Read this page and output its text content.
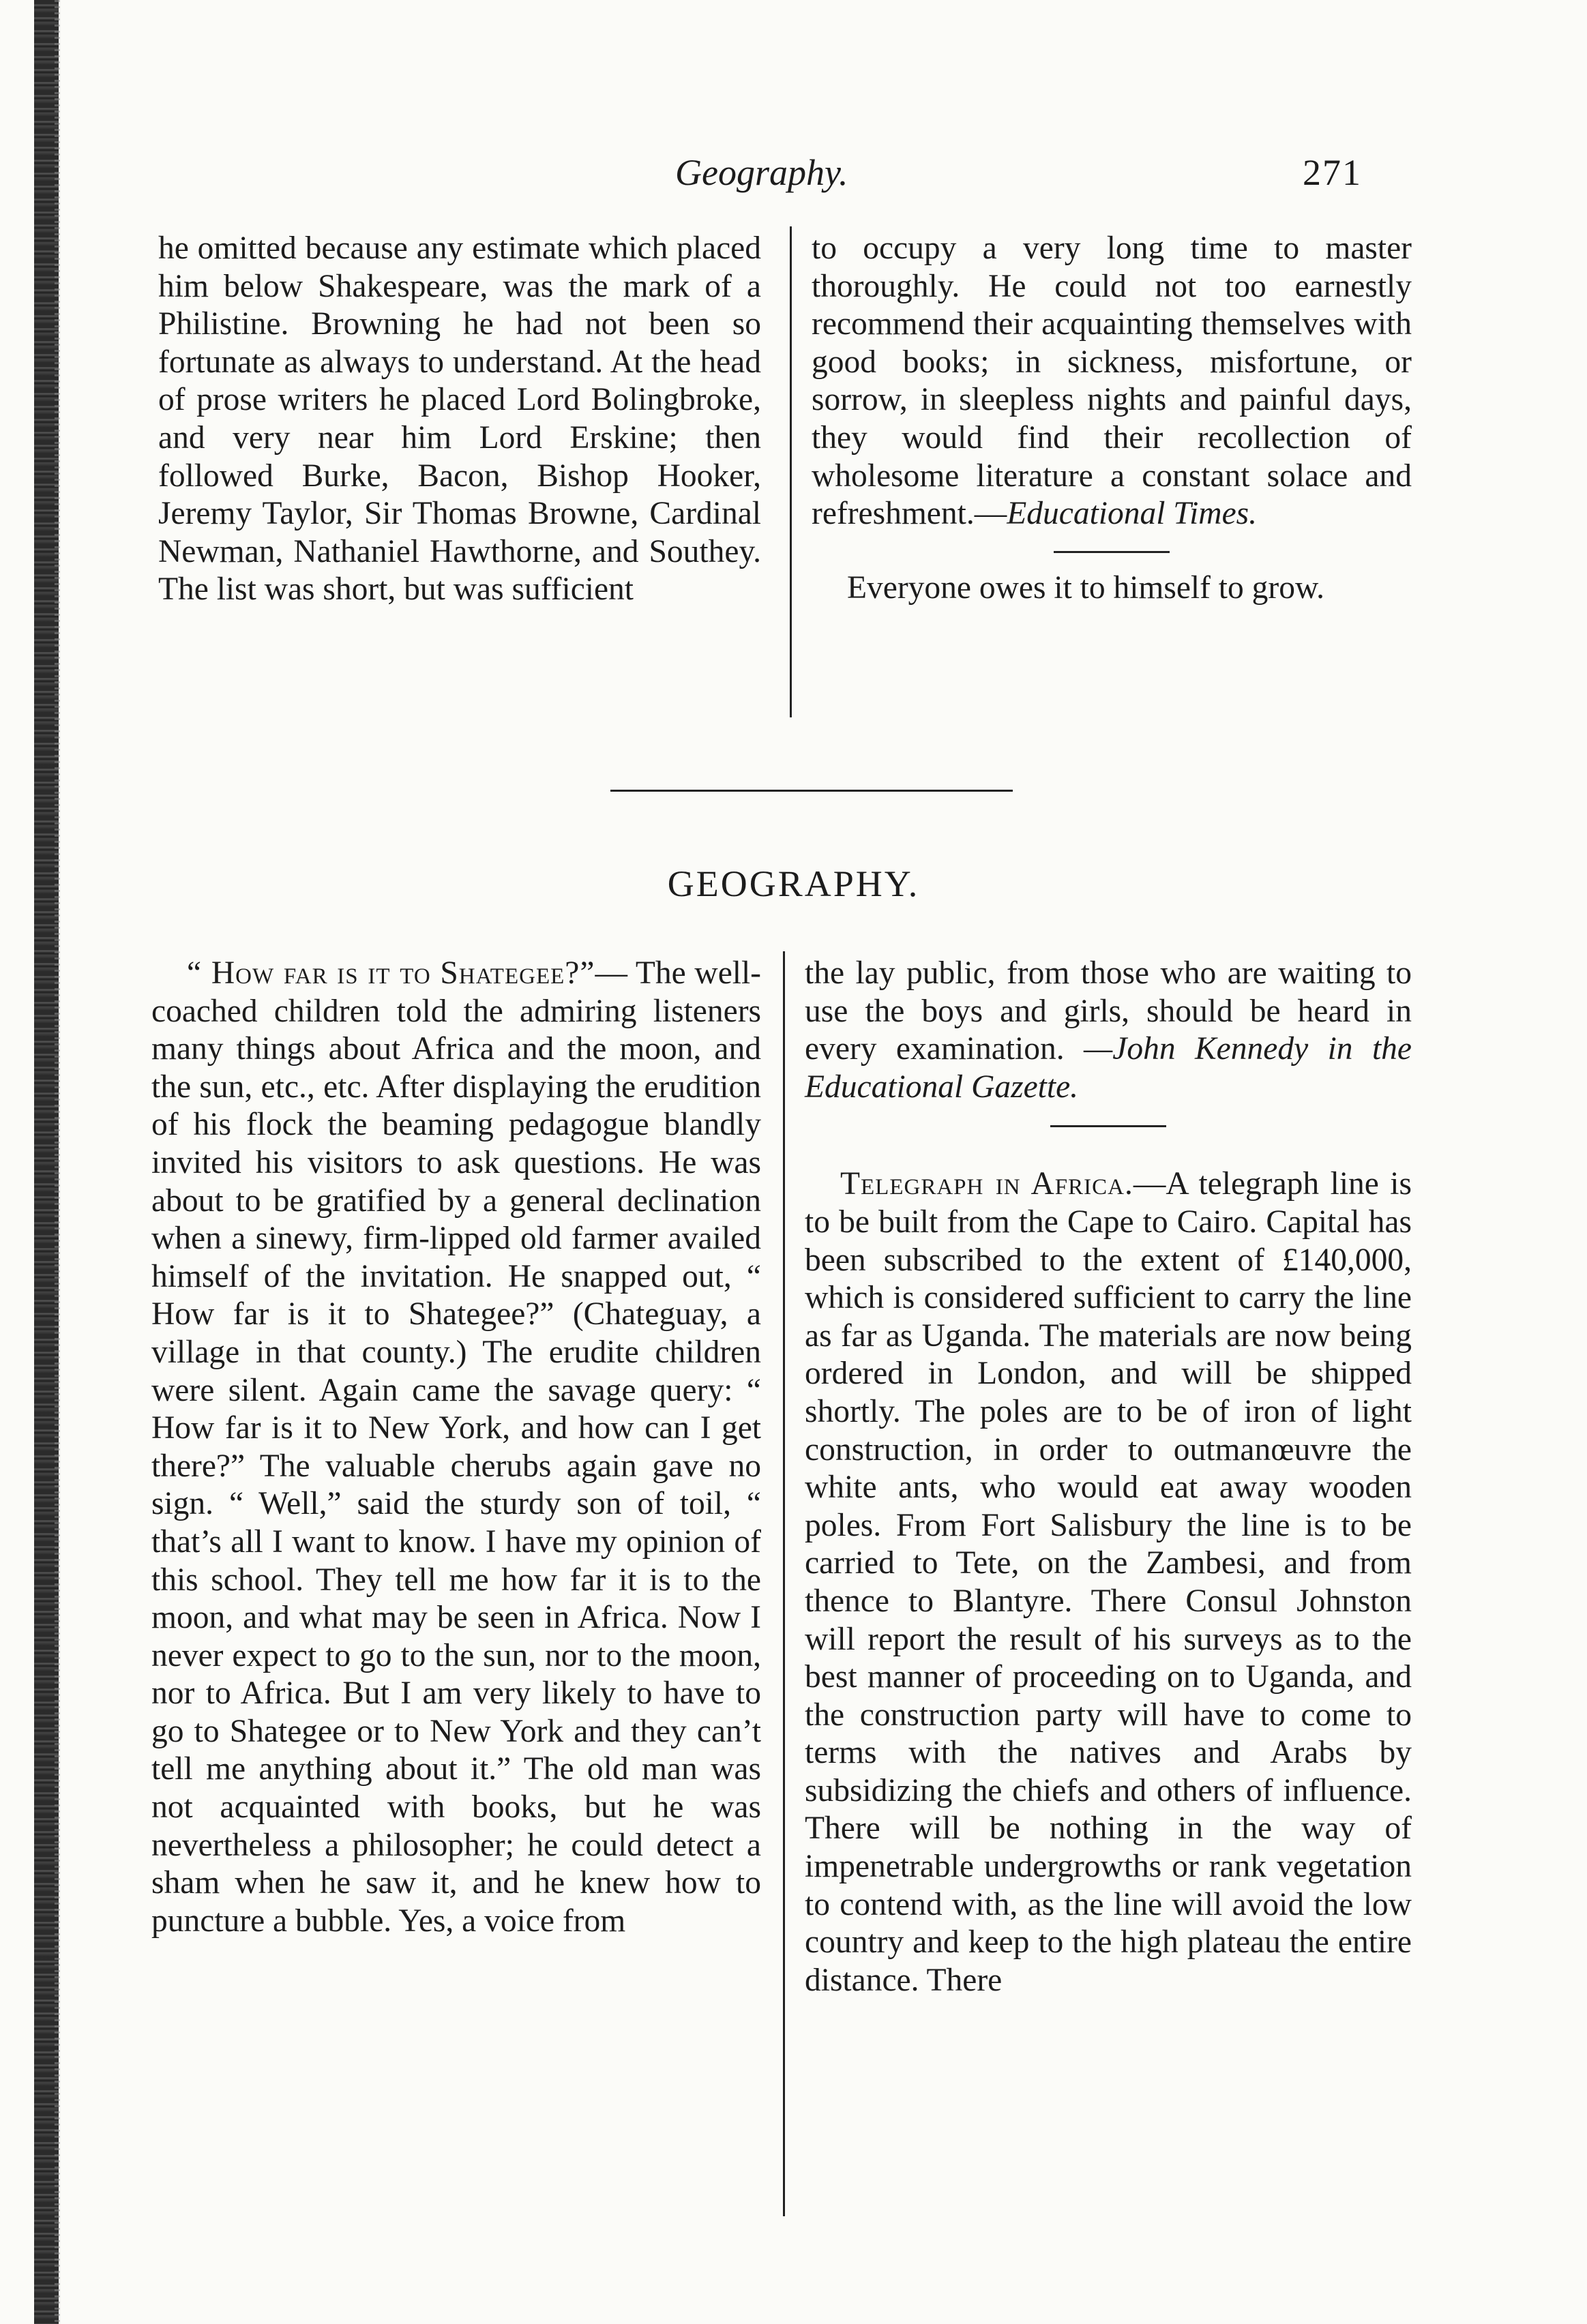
Geography.	271

he omitted because any estimate which placed him below Shakespeare, was the mark of a Philistine. Browning he had not been so fortunate as always to understand. At the head of prose writers he placed Lord Bolingbroke, and very near him Lord Erskine; then followed Burke, Bacon, Bishop Hooker, Jeremy Taylor, Sir Thomas Browne, Cardinal Newman, Nathaniel Hawthorne, and Southey. The list was short, but was sufficient

to occupy a very long time to master thoroughly. He could not too earnestly recommend their acquainting themselves with good books; in sickness, misfortune, or sorrow, in sleepless nights and painful days, they would find their recollection of wholesome literature a constant solace and refreshment.—Educational Times.

Everyone owes it to himself to grow.

GEOGRAPHY.

“ How far is it to Shategee?”— The well-coached children told the admiring listeners many things about Africa and the moon, and the sun, etc., etc. After displaying the erudition of his flock the beaming pedagogue blandly invited his visitors to ask questions. He was about to be gratified by a general declination when a sinewy, firm-lipped old farmer availed himself of the invitation. He snapped out, “ How far is it to Shategee?” (Chateguay, a village in that county.) The erudite children were silent. Again came the savage query: “ How far is it to New York, and how can I get there?” The valuable cherubs again gave no sign. “ Well,” said the sturdy son of toil, “ that’s all I want to know. I have my opinion of this school. They tell me how far it is to the moon, and what may be seen in Africa. Now I never expect to go to the sun, nor to the moon, nor to Africa. But I am very likely to have to go to Shategee or to New York and they can’t tell me anything about it.” The old man was not acquainted with books, but he was nevertheless a philosopher; he could detect a sham when he saw it, and he knew how to puncture a bubble. Yes, a voice from

the lay public, from those who are waiting to use the boys and girls, should be heard in every examination. —John Kennedy in the Educational Gazette.

Telegraph in Africa.—A telegraph line is to be built from the Cape to Cairo. Capital has been subscribed to the extent of £140,000, which is considered sufficient to carry the line as far as Uganda. The materials are now being ordered in London, and will be shipped shortly. The poles are to be of iron of light construction, in order to outmanœuvre the white ants, who would eat away wooden poles. From Fort Salisbury the line is to be carried to Tete, on the Zambesi, and from thence to Blantyre. There Consul Johnston will report the result of his surveys as to the best manner of proceeding on to Uganda, and the construction party will have to come to terms with the natives and Arabs by subsidizing the chiefs and others of influence. There will be nothing in the way of impenetrable undergrowths or rank vegetation to contend with, as the line will avoid the low country and keep to the high plateau the entire distance. There
